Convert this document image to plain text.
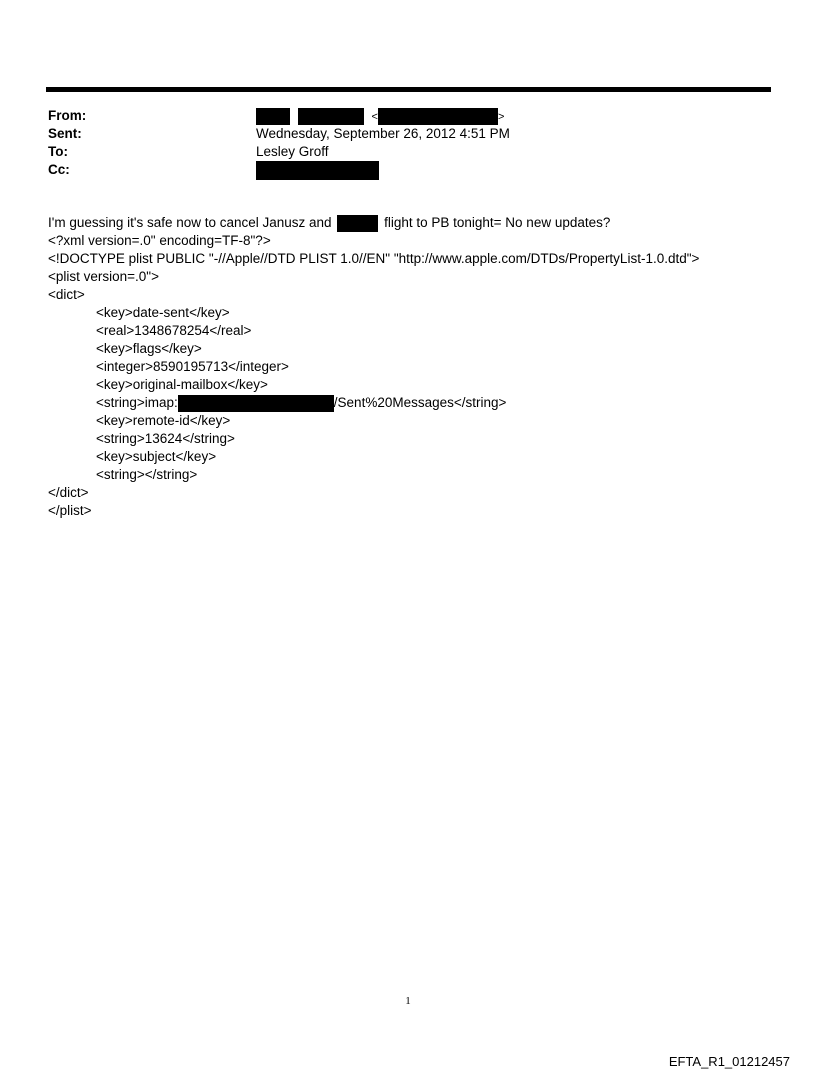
From:	<	>
Sent:	Wednesday, September 26, 2012 4:51 PM
To:	Lesley Groff
Cc:
I'm guessing it's safe now to cancel Janusz and	flight to PB tonight= No new updates?
<?xml version=.0" encoding=TF-8"?>
<!DOCTYPE plist PUBLIC "-//Apple//DTD PLIST 1.0//EN" "http://www.apple.com/DTDs/PropertyList-1.0.dtd">
<plist version=.0">
<dict>
<key>date-sent</key>
<real>1348678254</real>
<key>flags</key>
<integer>8590195713</integer>
<key>original-mailbox</key>
<string>imap:	/Sent%20Messages</string>
<key>remote-id</key>
<string>13624</string>
<key>subject</key>
<string></string>
</dict>
</plist>
1
EFTA_R1_01212457
